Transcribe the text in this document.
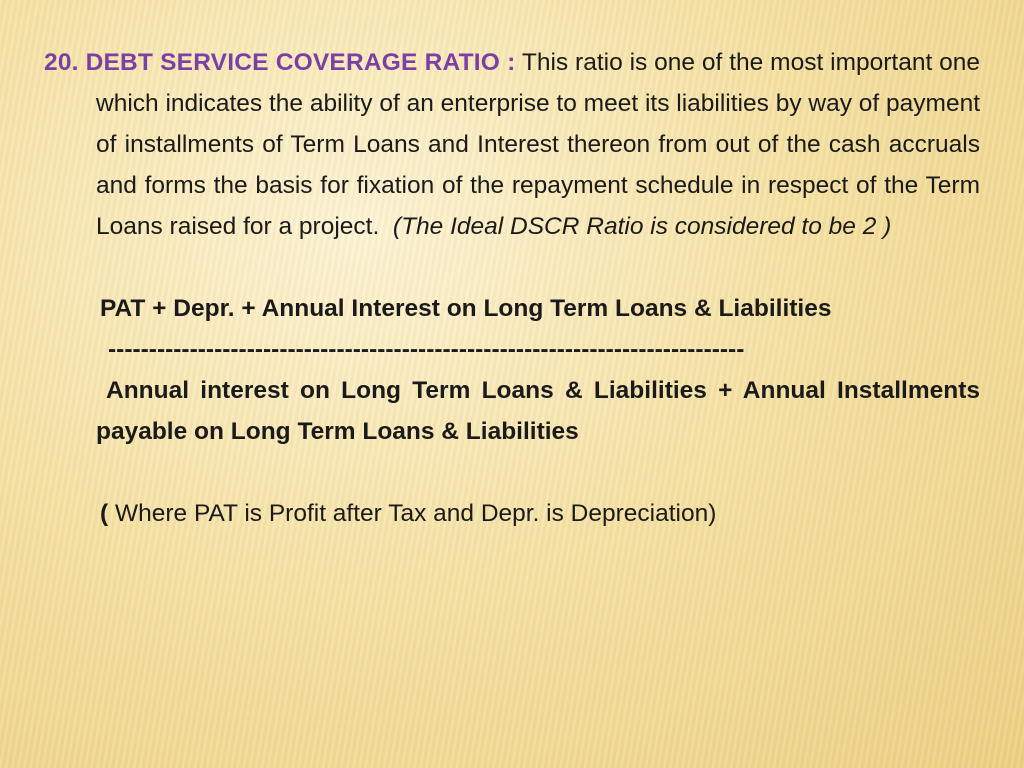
20. DEBT SERVICE COVERAGE RATIO : This ratio is one of the most important one which indicates the ability of an enterprise to meet its liabilities by way of payment of installments of Term Loans and Interest thereon from out of the cash accruals and forms the basis for fixation of the repayment schedule in respect of the Term Loans raised for a project. (The Ideal DSCR Ratio is considered to be 2 )

PAT + Depr. + Annual Interest on Long Term Loans & Liabilities
------------------------------------------------------------------------------
Annual interest on Long Term Loans & Liabilities + Annual Installments payable on Long Term Loans & Liabilities
( Where PAT is Profit after Tax and Depr. is Depreciation)
